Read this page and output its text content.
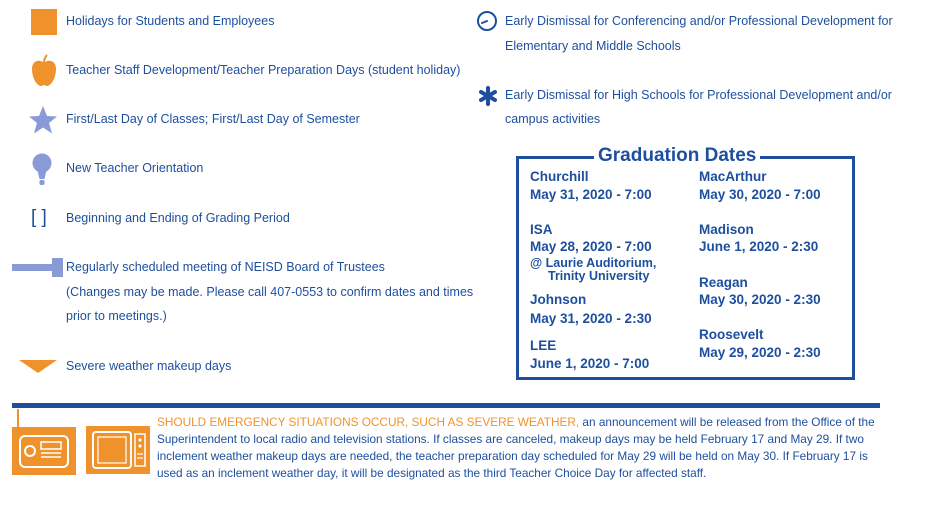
Holidays for Students and Employees
Teacher Staff Development/Teacher Preparation Days (student holiday)
First/Last Day of Classes; First/Last Day of Semester
New Teacher Orientation
[ ] Beginning and Ending of Grading Period
Regularly scheduled meeting of NEISD Board of Trustees
(Changes may be made. Please call 407-0553 to confirm dates and times
prior to meetings.)
Severe weather makeup days
Early Dismissal for Conferencing and/or Professional Development for
Elementary and Middle Schools
Early Dismissal for High Schools for Professional Development and/or
campus activities
Graduation Dates
Churchill
May 31, 2020 - 7:00
ISA
May 28, 2020 - 7:00
@ Laurie Auditorium,
Trinity University
Johnson
May 31, 2020 - 2:30
LEE
June 1, 2020 - 7:00
MacArthur
May 30, 2020 - 7:00
Madison
June 1, 2020 - 2:30
Reagan
May 30, 2020 - 2:30
Roosevelt
May 29, 2020 - 2:30
SHOULD EMERGENCY SITUATIONS OCCUR, SUCH AS SEVERE WEATHER, an announcement will be released from the Office of the Superintendent to local radio and television stations. If classes are canceled, makeup days may be held February 17 and May 29. If two inclement weather makeup days are needed, the teacher preparation day scheduled for May 29 will be held on May 30. If February 17 is used as an inclement weather day, it will be designated as the third Teacher Choice Day for affected staff.
